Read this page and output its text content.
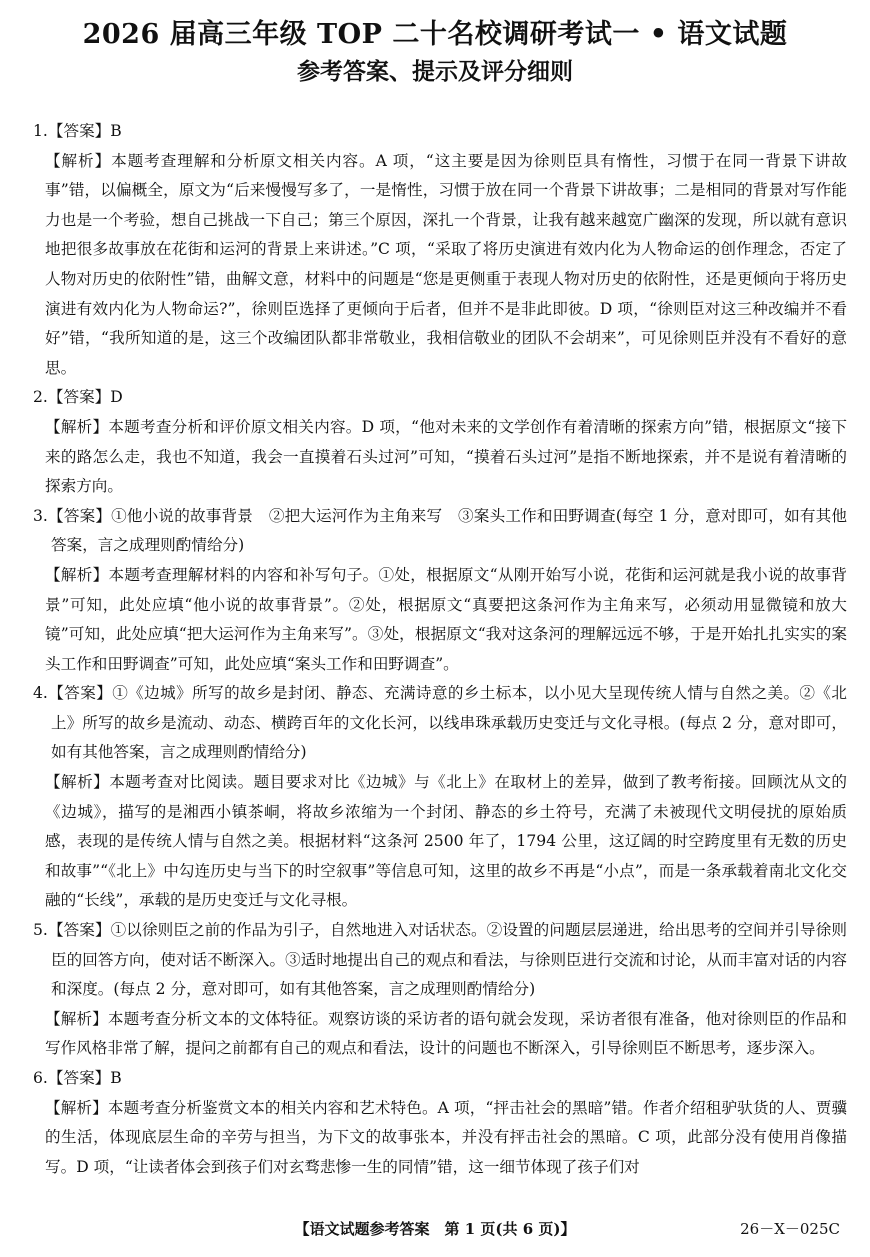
2026 届高三年级 TOP 二十名校调研考试一 • 语文试题
参考答案、提示及评分细则

1.【答案】B

【解析】本题考查理解和分析原文相关内容。A 项，“这主要是因为徐则臣具有惰性，习惯于在同一背景下讲故事”错，以偏概全，原文为“后来慢慢写多了，一是惰性，习惯于放在同一个背景下讲故事；二是相同的背景对写作能力也是一个考验，想自己挑战一下自己；第三个原因，深扎一个背景，让我有越来越宽广幽深的发现，所以就有意识地把很多故事放在花街和运河的背景上来讲述。”C 项，“采取了将历史演进有效内化为人物命运的创作理念，否定了人物对历史的依附性”错，曲解文意，材料中的问题是“您是更侧重于表现人物对历史的依附性，还是更倾向于将历史演进有效内化为人物命运?”，徐则臣选择了更倾向于后者，但并不是非此即彼。D 项，“徐则臣对这三种改编并不看好”错，“我所知道的是，这三个改编团队都非常敬业，我相信敬业的团队不会胡来”，可见徐则臣并没有不看好的意思。

2.【答案】D

【解析】本题考查分析和评价原文相关内容。D 项，“他对未来的文学创作有着清晰的探索方向”错，根据原文“接下来的路怎么走，我也不知道，我会一直摸着石头过河”可知，“摸着石头过河”是指不断地探索，并不是说有着清晰的探索方向。

3.【答案】①他小说的故事背景　②把大运河作为主角来写　③案头工作和田野调查(每空 1 分，意对即可，如有其他答案，言之成理则酌情给分)

【解析】本题考查理解材料的内容和补写句子。①处，根据原文“从刚开始写小说，花街和运河就是我小说的故事背景”可知，此处应填“他小说的故事背景”。②处，根据原文“真要把这条河作为主角来写，必须动用显微镜和放大镜”可知，此处应填“把大运河作为主角来写”。③处，根据原文“我对这条河的理解远远不够，于是开始扎扎实实的案头工作和田野调查”可知，此处应填“案头工作和田野调查”。

4.【答案】①《边城》所写的故乡是封闭、静态、充满诗意的乡土标本，以小见大呈现传统人情与自然之美。②《北上》所写的故乡是流动、动态、横跨百年的文化长河，以线串珠承载历史变迁与文化寻根。(每点 2 分，意对即可，如有其他答案，言之成理则酌情给分)

【解析】本题考查对比阅读。题目要求对比《边城》与《北上》在取材上的差异，做到了教考衔接。回顾沈从文的《边城》，描写的是湘西小镇茶峒，将故乡浓缩为一个封闭、静态的乡土符号，充满了未被现代文明侵扰的原始质感，表现的是传统人情与自然之美。根据材料“这条河 2500 年了，1794 公里，这辽阔的时空跨度里有无数的历史和故事”“《北上》中勾连历史与当下的时空叙事”等信息可知，这里的故乡不再是“小点”，而是一条承载着南北文化交融的“长线”，承载的是历史变迁与文化寻根。

5.【答案】①以徐则臣之前的作品为引子，自然地进入对话状态。②设置的问题层层递进，给出思考的空间并引导徐则臣的回答方向，使对话不断深入。③适时地提出自己的观点和看法，与徐则臣进行交流和讨论，从而丰富对话的内容和深度。(每点 2 分，意对即可，如有其他答案，言之成理则酌情给分)

【解析】本题考查分析文本的文体特征。观察访谈的采访者的语句就会发现，采访者很有准备，他对徐则臣的作品和写作风格非常了解，提问之前都有自己的观点和看法，设计的问题也不断深入，引导徐则臣不断思考，逐步深入。

6.【答案】B

【解析】本题考查分析鉴赏文本的相关内容和艺术特色。A 项，“抨击社会的黑暗”错。作者介绍租驴驮货的人、贾骥的生活，体现底层生命的辛劳与担当，为下文的故事张本，并没有抨击社会的黑暗。C 项，此部分没有使用肖像描写。D 项，“让读者体会到孩子们对玄骛悲惨一生的同情”错，这一细节体现了孩子们对

【语文试题参考答案　第 1 页(共 6 页)】	26－X－025C
